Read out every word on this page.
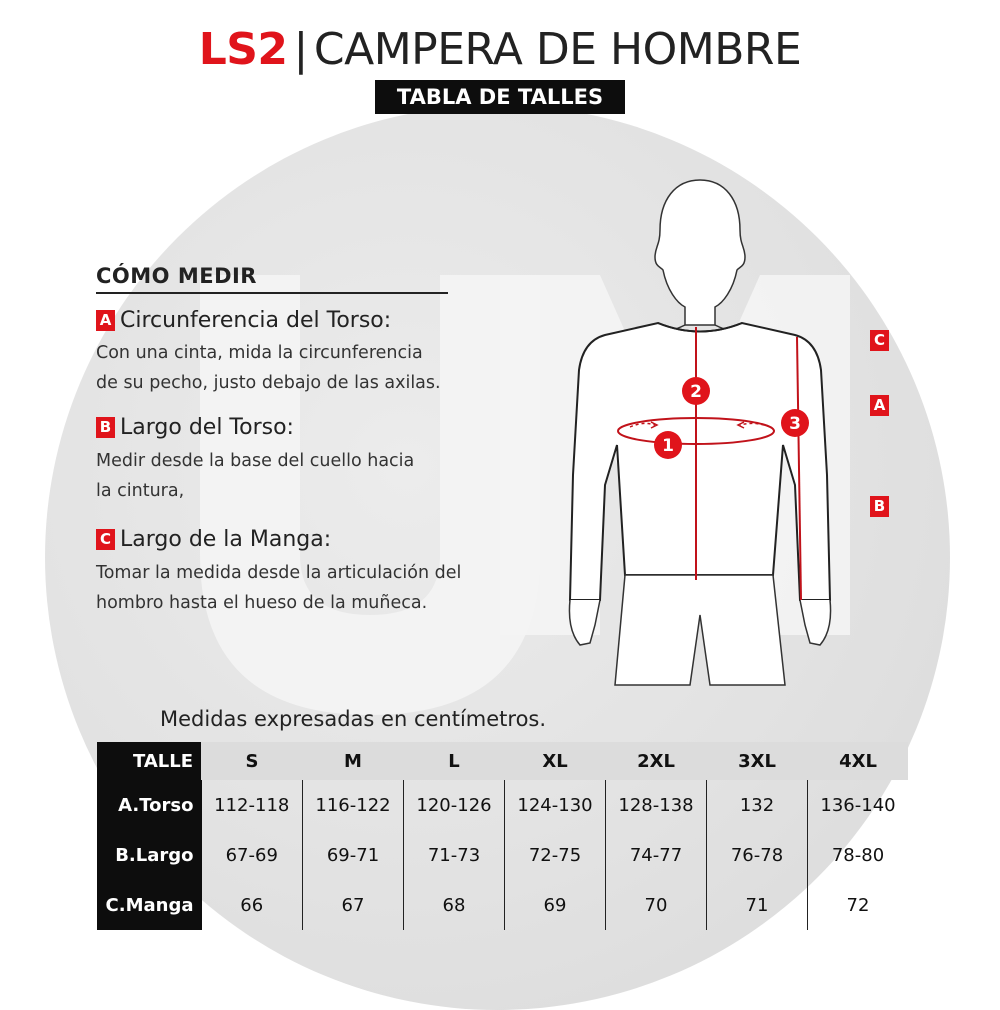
LS2 | CAMPERA DE HOMBRE
TABLA DE TALLES
CÓMO MEDIR
A Circunferencia del Torso:
Con una cinta, mida la circunferencia
de su pecho, justo debajo de las axilas.
B Largo del Torso:
Medir desde la base del cuello hacia
la cintura,
C Largo de la Manga:
Tomar la medida desde la articulación del
hombro hasta el hueso de la muñeca.
1
2
3
C
A
B
Medidas expresadas en centímetros.
TALLE	S	M	L	XL	2XL	3XL	4XL
A.Torso	112-118	116-122	120-126	124-130	128-138	132	136-140
B.Largo	67-69	69-71	71-73	72-75	74-77	76-78	78-80
C.Manga	66	67	68	69	70	71	72
